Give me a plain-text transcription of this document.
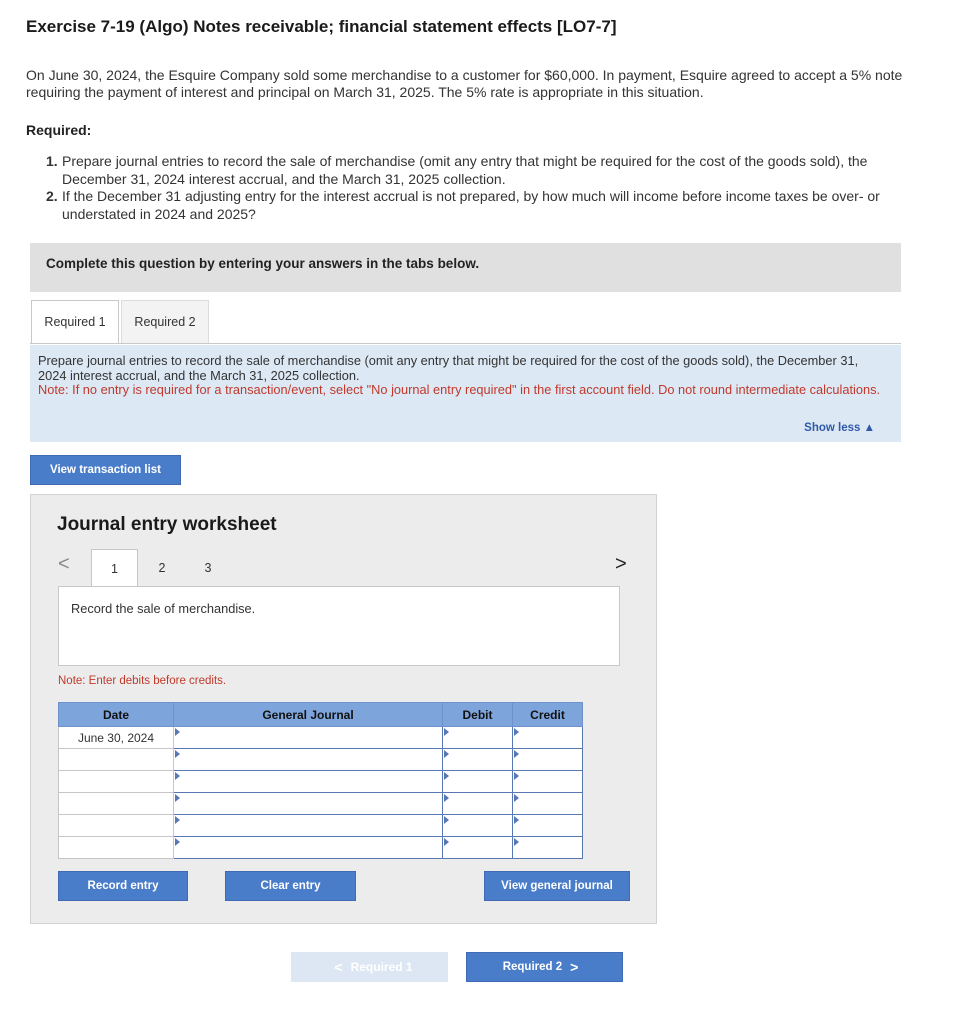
Exercise 7-19 (Algo) Notes receivable; financial statement effects [LO7-7]
On June 30, 2024, the Esquire Company sold some merchandise to a customer for $60,000. In payment, Esquire agreed to accept a 5% note requiring the payment of interest and principal on March 31, 2025. The 5% rate is appropriate in this situation.
Required:
1. Prepare journal entries to record the sale of merchandise (omit any entry that might be required for the cost of the goods sold), the December 31, 2024 interest accrual, and the March 31, 2025 collection.
2. If the December 31 adjusting entry for the interest accrual is not prepared, by how much will income before income taxes be over- or understated in 2024 and 2025?
Complete this question by entering your answers in the tabs below.
Required 1	Required 2
Prepare journal entries to record the sale of merchandise (omit any entry that might be required for the cost of the goods sold), the December 31, 2024 interest accrual, and the March 31, 2025 collection.
Note: If no entry is required for a transaction/event, select "No journal entry required" in the first account field. Do not round intermediate calculations.
Show less ▲
View transaction list
Journal entry worksheet
<	1	2	3	>
Record the sale of merchandise.
Note: Enter debits before credits.
Date	General Journal	Debit	Credit
June 30, 2024			

Record entry	Clear entry	View general journal
< Required 1	Required 2 >
